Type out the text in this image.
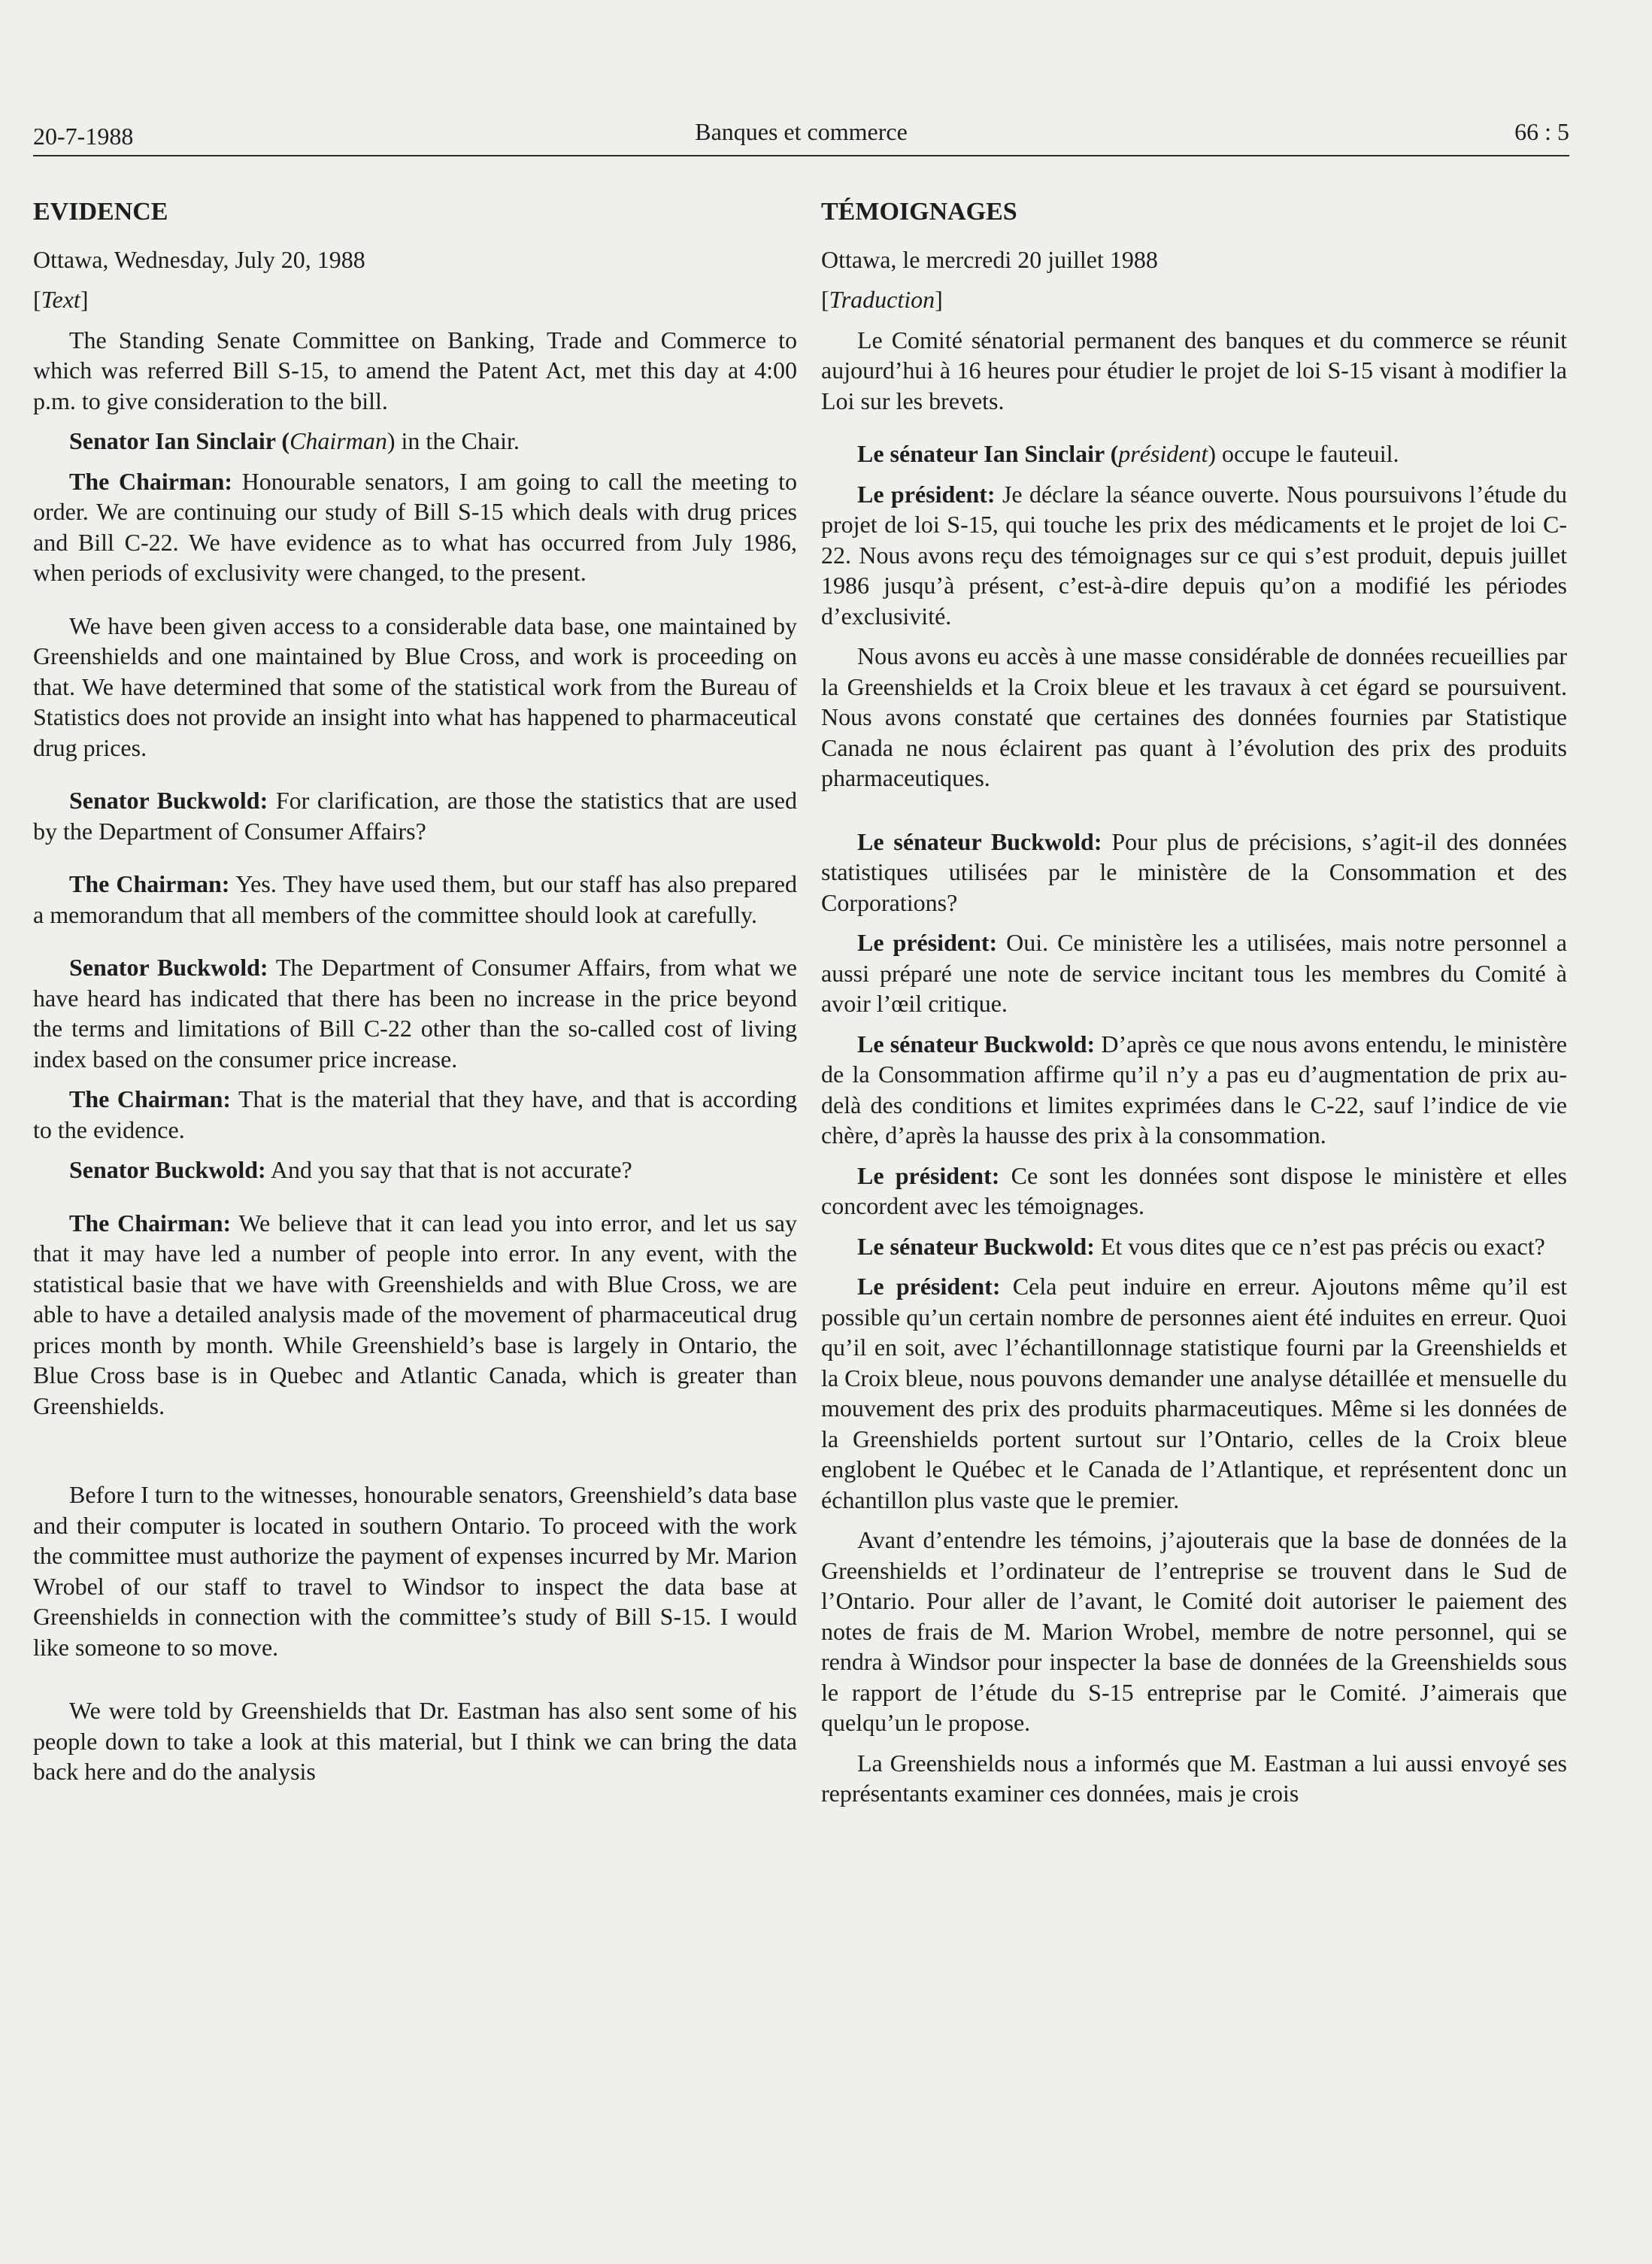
20-7-1988	Banques et commerce	66 : 5
EVIDENCE

Ottawa, Wednesday, July 20, 1988

[Text]

The Standing Senate Committee on Banking, Trade and Commerce to which was referred Bill S-15, to amend the Patent Act, met this day at 4:00 p.m. to give consideration to the bill.

Senator Ian Sinclair (Chairman) in the Chair.

The Chairman: Honourable senators, I am going to call the meeting to order. We are continuing our study of Bill S-15 which deals with drug prices and Bill C-22. We have evidence as to what has occurred from July 1986, when periods of exclusivity were changed, to the present.

We have been given access to a considerable data base, one maintained by Greenshields and one maintained by Blue Cross, and work is proceeding on that. We have determined that some of the statistical work from the Bureau of Statistics does not provide an insight into what has happened to pharmaceutical drug prices.

Senator Buckwold: For clarification, are those the statistics that are used by the Department of Consumer Affairs?

The Chairman: Yes. They have used them, but our staff has also prepared a memorandum that all members of the committee should look at carefully.

Senator Buckwold: The Department of Consumer Affairs, from what we have heard has indicated that there has been no increase in the price beyond the terms and limitations of Bill C-22 other than the so-called cost of living index based on the consumer price increase.

The Chairman: That is the material that they have, and that is according to the evidence.

Senator Buckwold: And you say that that is not accurate?

The Chairman: We believe that it can lead you into error, and let us say that it may have led a number of people into error. In any event, with the statistical basie that we have with Greenshields and with Blue Cross, we are able to have a detailed analysis made of the movement of pharmaceutical drug prices month by month. While Greenshield’s base is largely in Ontario, the Blue Cross base is in Quebec and Atlantic Canada, which is greater than Greenshields.

Before I turn to the witnesses, honourable senators, Greenshield’s data base and their computer is located in southern Ontario. To proceed with the work the committee must authorize the payment of expenses incurred by Mr. Marion Wrobel of our staff to travel to Windsor to inspect the data base at Greenshields in connection with the committee’s study of Bill S-15. I would like someone to so move.

We were told by Greenshields that Dr. Eastman has also sent some of his people down to take a look at this material, but I think we can bring the data back here and do the analysis

TÉMOIGNAGES

Ottawa, le mercredi 20 juillet 1988

[Traduction]

Le Comité sénatorial permanent des banques et du commerce se réunit aujourd’hui à 16 heures pour étudier le projet de loi S-15 visant à modifier la Loi sur les brevets.

Le sénateur Ian Sinclair (président) occupe le fauteuil.

Le président: Je déclare la séance ouverte. Nous poursuivons l’étude du projet de loi S-15, qui touche les prix des médicaments et le projet de loi C-22. Nous avons reçu des témoignages sur ce qui s’est produit, depuis juillet 1986 jusqu’à présent, c’est-à-dire depuis qu’on a modifié les périodes d’exclusivité.

Nous avons eu accès à une masse considérable de données recueillies par la Greenshields et la Croix bleue et les travaux à cet égard se poursuivent. Nous avons constaté que certaines des données fournies par Statistique Canada ne nous éclairent pas quant à l’évolution des prix des produits pharmaceutiques.

Le sénateur Buckwold: Pour plus de précisions, s’agit-il des données statistiques utilisées par le ministère de la Consommation et des Corporations?

Le président: Oui. Ce ministère les a utilisées, mais notre personnel a aussi préparé une note de service incitant tous les membres du Comité à avoir l’œil critique.

Le sénateur Buckwold: D’après ce que nous avons entendu, le ministère de la Consommation affirme qu’il n’y a pas eu d’augmentation de prix au-delà des conditions et limites exprimées dans le C-22, sauf l’indice de vie chère, d’après la hausse des prix à la consommation.

Le président: Ce sont les données sont dispose le ministère et elles concordent avec les témoignages.

Le sénateur Buckwold: Et vous dites que ce n’est pas précis ou exact?

Le président: Cela peut induire en erreur. Ajoutons même qu’il est possible qu’un certain nombre de personnes aient été induites en erreur. Quoi qu’il en soit, avec l’échantillonnage statistique fourni par la Greenshields et la Croix bleue, nous pouvons demander une analyse détaillée et mensuelle du mouvement des prix des produits pharmaceutiques. Même si les données de la Greenshields portent surtout sur l’Ontario, celles de la Croix bleue englobent le Québec et le Canada de l’Atlantique, et représentent donc un échantillon plus vaste que le premier.

Avant d’entendre les témoins, j’ajouterais que la base de données de la Greenshields et l’ordinateur de l’entreprise se trouvent dans le Sud de l’Ontario. Pour aller de l’avant, le Comité doit autoriser le paiement des notes de frais de M. Marion Wrobel, membre de notre personnel, qui se rendra à Windsor pour inspecter la base de données de la Greenshields sous le rapport de l’étude du S-15 entreprise par le Comité. J’aimerais que quelqu’un le propose.

La Greenshields nous a informés que M. Eastman a lui aussi envoyé ses représentants examiner ces données, mais je crois
